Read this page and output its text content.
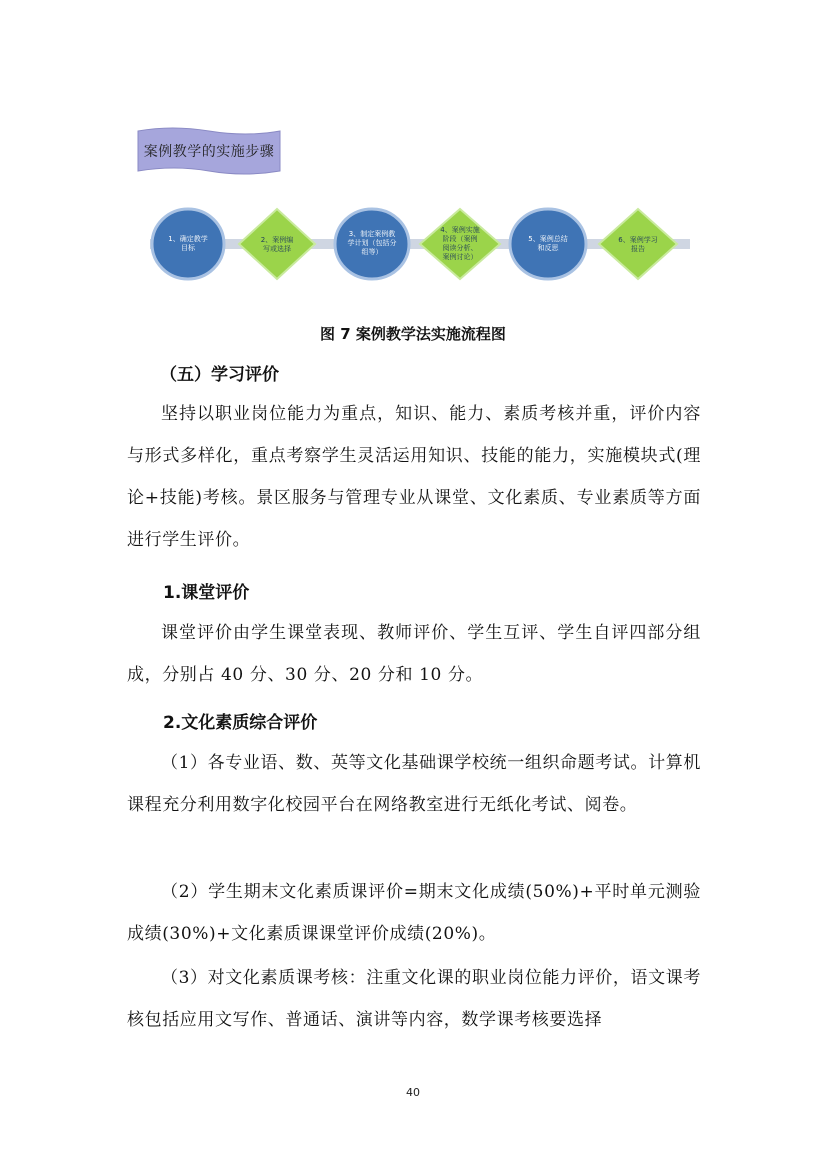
案例教学的实施步骤
1、确定教学
目标
2、案例编
写或选择
3、制定案例教
学计划（包括分
组等）
4、案例实施
阶段（案例
阅读分析、
案例讨论）
5、案例总结
和反思
6、案例学习
报告
图 7 案例教学法实施流程图
（五）学习评价
坚持以职业岗位能力为重点，知识、能力、素质考核并重，评价内容与形式多样化，重点考察学生灵活运用知识、技能的能力，实施模块式(理论+技能)考核。景区服务与管理专业从课堂、文化素质、专业素质等方面进行学生评价。
1.课堂评价
课堂评价由学生课堂表现、教师评价、学生互评、学生自评四部分组成，分别占 40 分、30 分、20 分和 10 分。
2.文化素质综合评价
（1）各专业语、数、英等文化基础课学校统一组织命题考试。计算机课程充分利用数字化校园平台在网络教室进行无纸化考试、阅卷。
（2）学生期末文化素质课评价=期末文化成绩(50%)+平时单元测验成绩(30%)+文化素质课课堂评价成绩(20%)。
（3）对文化素质课考核：注重文化课的职业岗位能力评价，语文课考核包括应用文写作、普通话、演讲等内容，数学课考核要选择
40
